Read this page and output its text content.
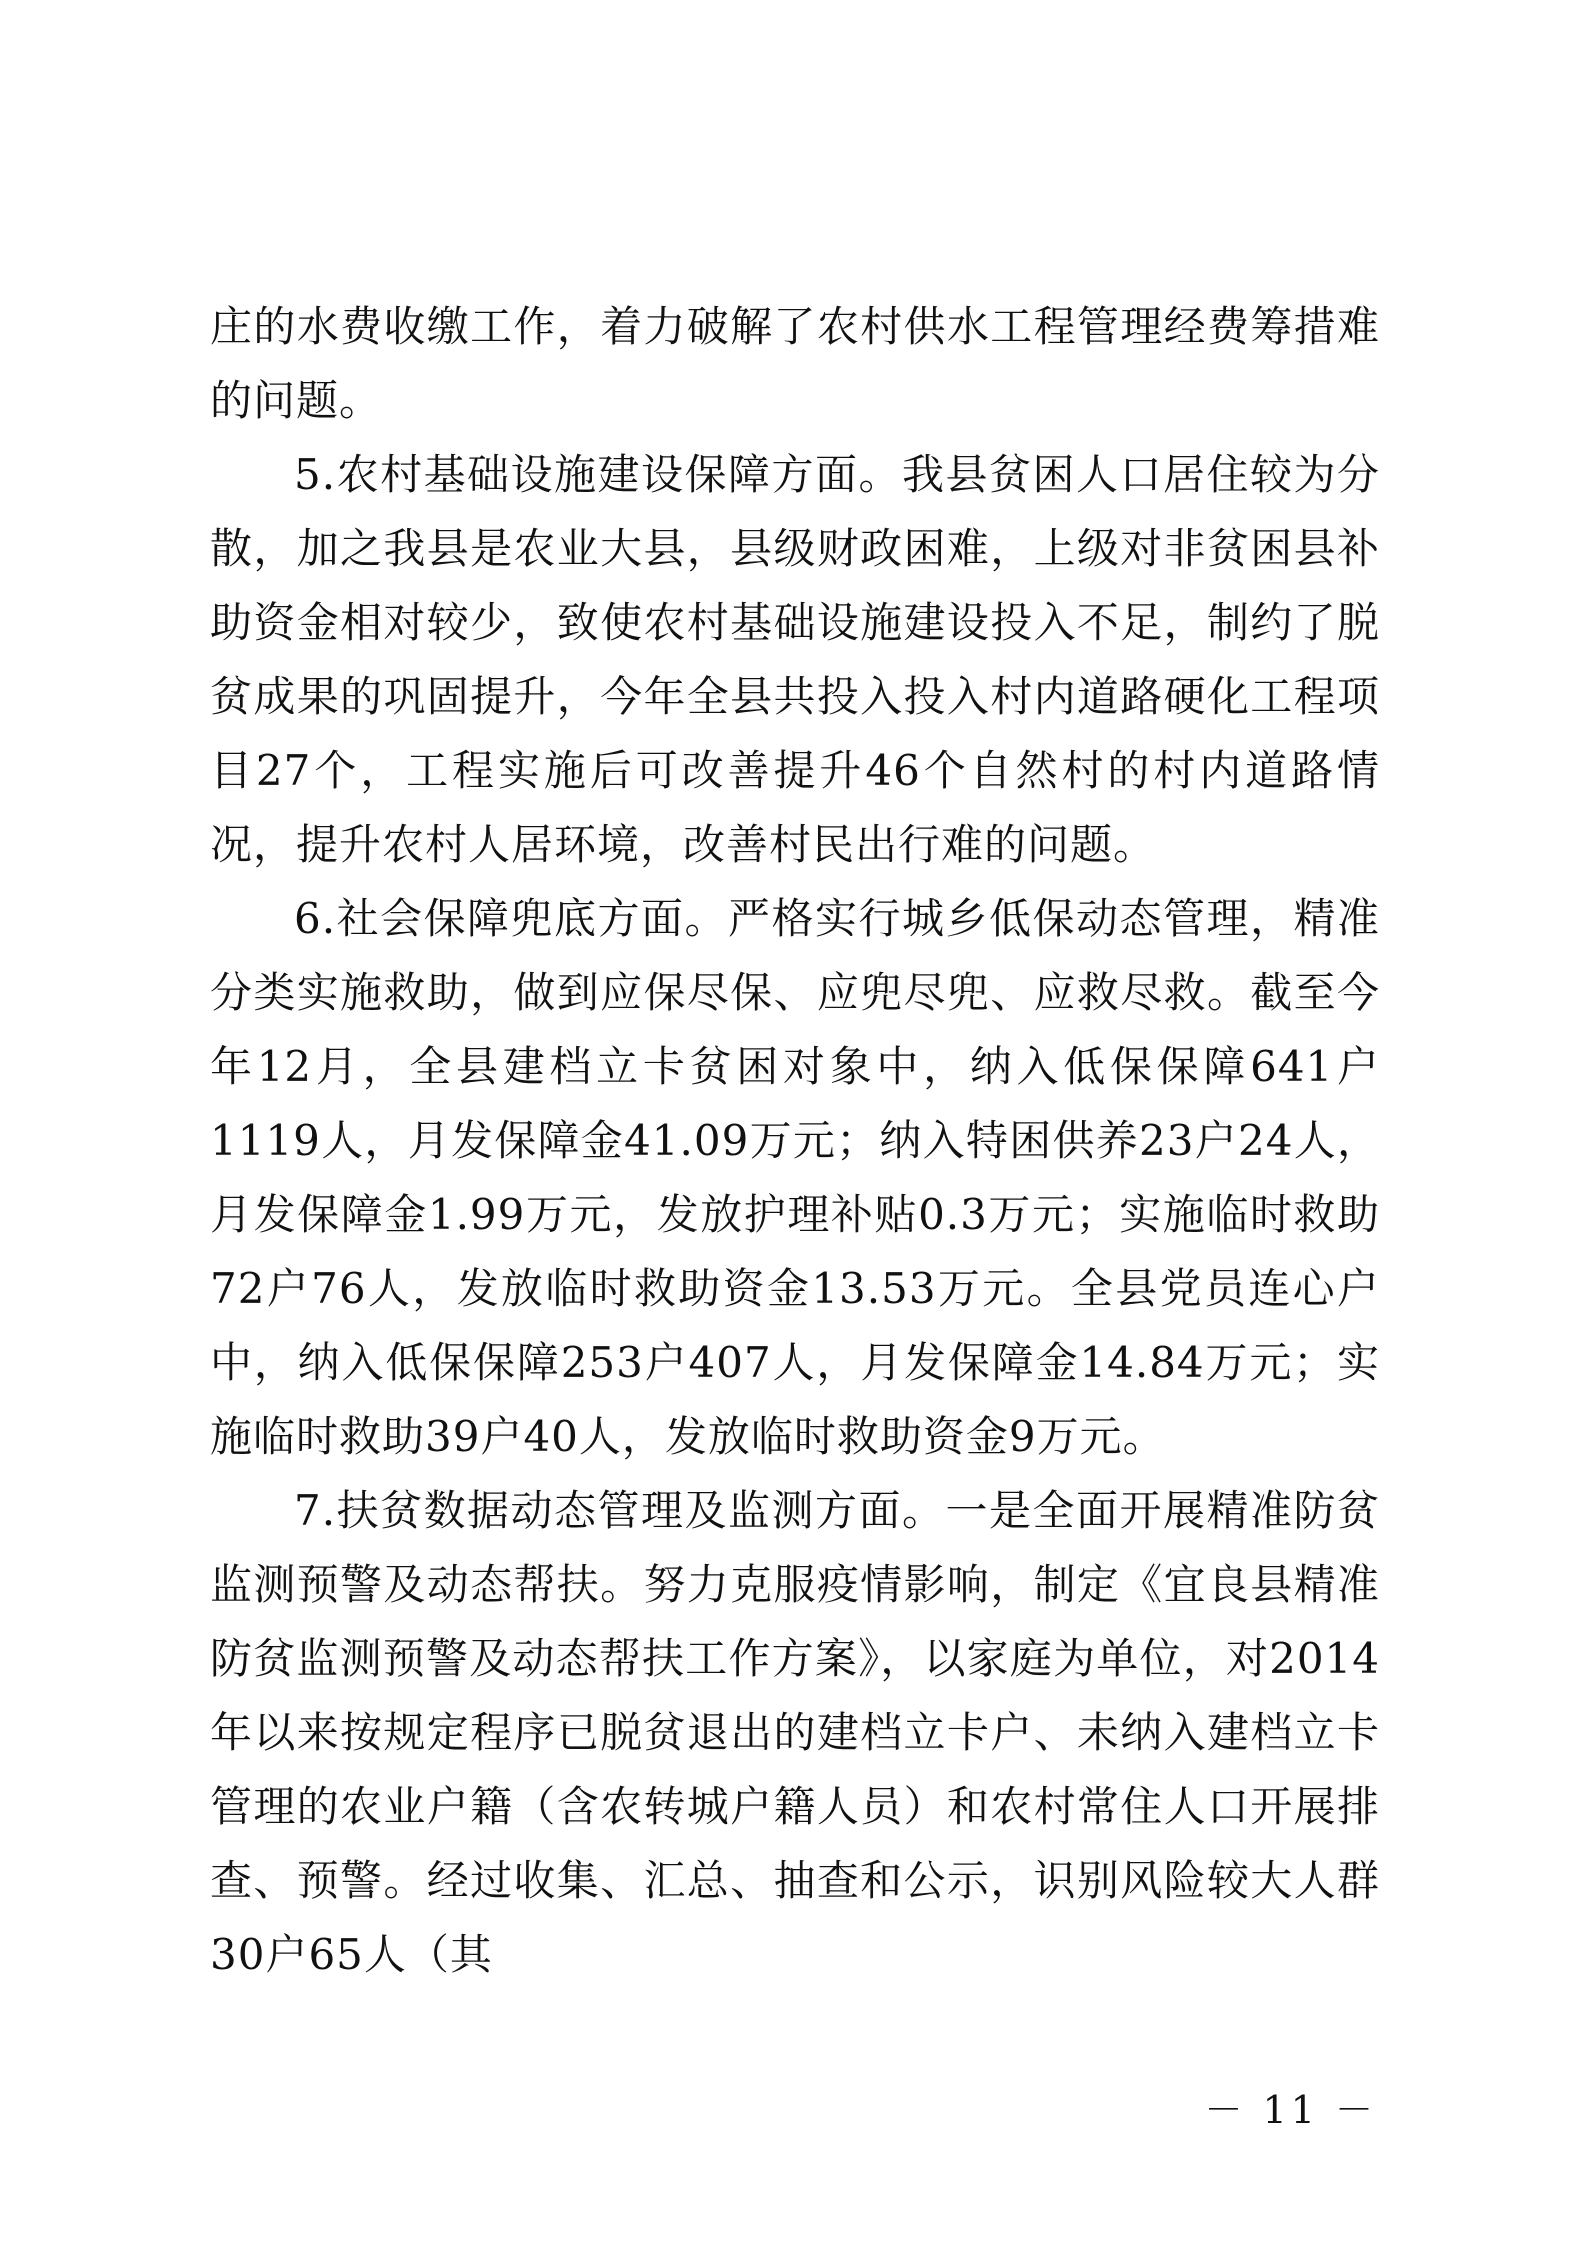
庄的水费收缴工作，着力破解了农村供水工程管理经费筹措难的问题。

5.农村基础设施建设保障方面。我县贫困人口居住较为分散，加之我县是农业大县，县级财政困难，上级对非贫困县补助资金相对较少，致使农村基础设施建设投入不足，制约了脱贫成果的巩固提升，今年全县共投入投入村内道路硬化工程项目27个，工程实施后可改善提升46个自然村的村内道路情况，提升农村人居环境，改善村民出行难的问题。

6.社会保障兜底方面。严格实行城乡低保动态管理，精准分类实施救助，做到应保尽保、应兜尽兜、应救尽救。截至今年12月，全县建档立卡贫困对象中，纳入低保保障641户1119人，月发保障金41.09万元；纳入特困供养23户24人，月发保障金1.99万元，发放护理补贴0.3万元；实施临时救助72户76人，发放临时救助资金13.53万元。全县党员连心户中，纳入低保保障253户407人，月发保障金14.84万元；实施临时救助39户40人，发放临时救助资金9万元。

7.扶贫数据动态管理及监测方面。一是全面开展精准防贫监测预警及动态帮扶。努力克服疫情影响，制定《宜良县精准防贫监测预警及动态帮扶工作方案》，以家庭为单位，对2014年以来按规定程序已脱贫退出的建档立卡户、未纳入建档立卡管理的农业户籍（含农转城户籍人员）和农村常住人口开展排查、预警。经过收集、汇总、抽查和公示，识别风险较大人群30户65人（其

－ 11 －
